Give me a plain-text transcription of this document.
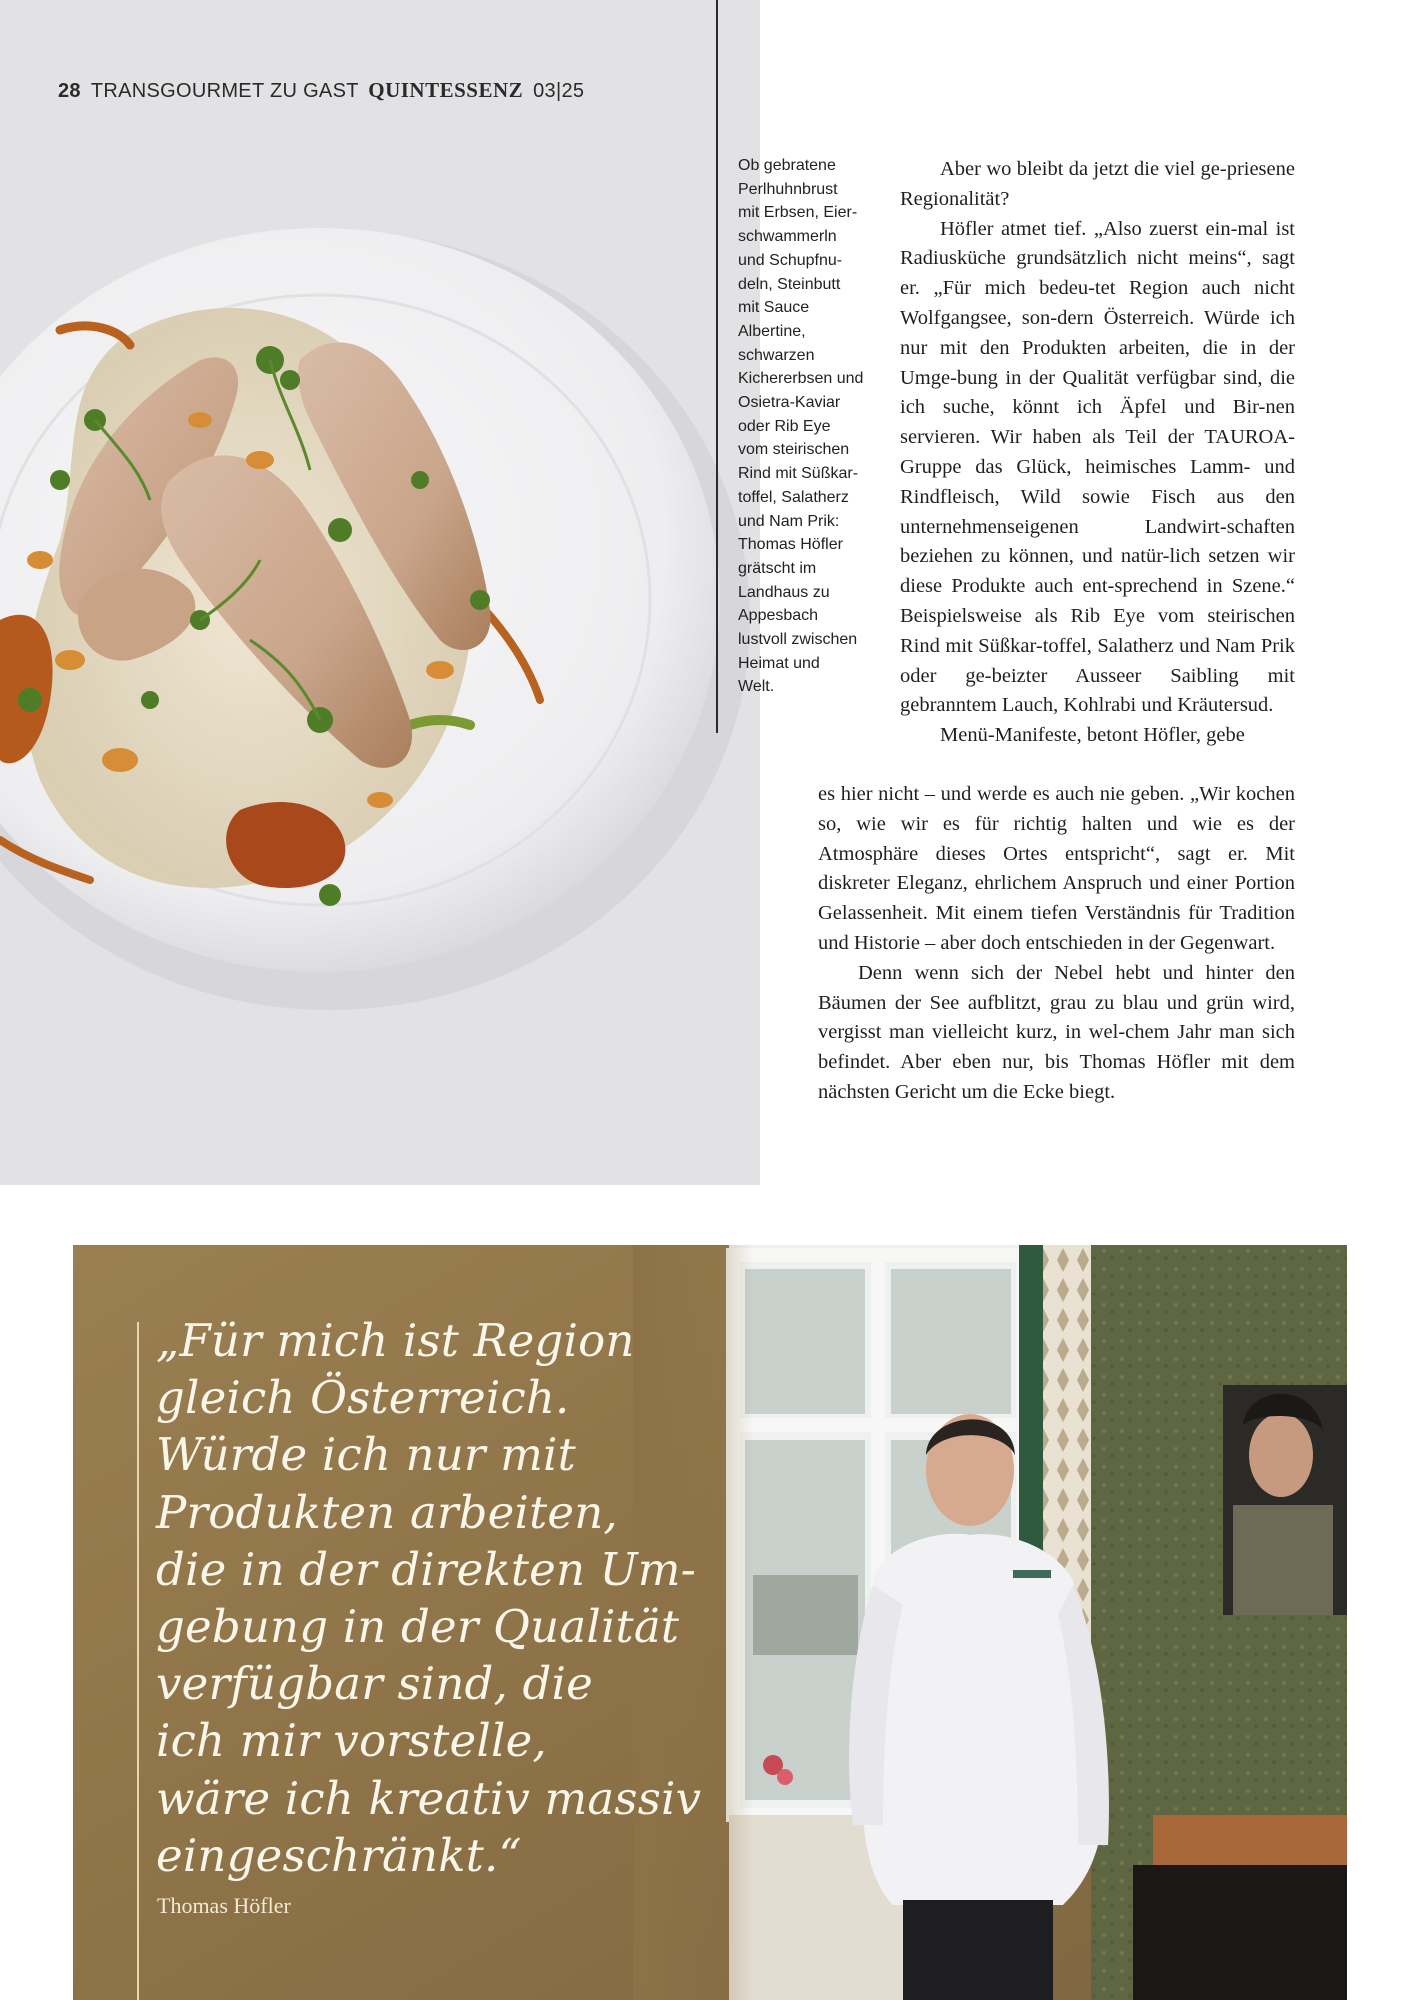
28 TRANSGOURMET ZU GAST QUINTESSENZ 03|25
Ob gebratene
Perlhuhnbrust
mit Erbsen, Eier-
schwammerln
und Schupfnu-
deln, Steinbutt
mit Sauce
Albertine,
schwarzen
Kichererbsen und
Osietra-Kaviar
oder Rib Eye
vom steirischen
Rind mit Süßkar-
toffel, Salatherz
und Nam Prik:
Thomas Höfler
grätscht im
Landhaus zu
Appesbach
lustvoll zwischen
Heimat und
Welt.

Aber wo bleibt da jetzt die viel ge-priesene Regionalität?

Höfler atmet tief. „Also zuerst ein-mal ist Radiusküche grundsätzlich nicht meins“, sagt er. „Für mich bedeu-tet Region auch nicht Wolfgangsee, son-dern Österreich. Würde ich nur mit den Produkten arbeiten, die in der Umge-bung in der Qualität verfügbar sind, die ich suche, könnt ich Äpfel und Bir-nen servieren. Wir haben als Teil der TAUROA-Gruppe das Glück, heimisches Lamm- und Rindfleisch, Wild sowie Fisch aus den unternehmenseigenen Landwirt-schaften beziehen zu können, und natür-lich setzen wir diese Produkte auch ent-sprechend in Szene.“ Beispielsweise als Rib Eye vom steirischen Rind mit Süßkar-toffel, Salatherz und Nam Prik oder ge-beizter Ausseer Saibling mit gebranntem Lauch, Kohlrabi und Kräutersud.

Menü-Manifeste, betont Höfler, gebe

es hier nicht – und werde es auch nie geben. „Wir kochen so, wie wir es für richtig halten und wie es der Atmosphäre dieses Ortes entspricht“, sagt er. Mit diskreter Eleganz, ehrlichem Anspruch und einer Portion Gelassenheit. Mit einem tiefen Verständnis für Tradition und Historie – aber doch entschieden in der Gegenwart.

Denn wenn sich der Nebel hebt und hinter den Bäumen der See aufblitzt, grau zu blau und grün wird, vergisst man vielleicht kurz, in wel-chem Jahr man sich befindet. Aber eben nur, bis Thomas Höfler mit dem nächsten Gericht um die Ecke biegt.

„Für mich ist Region
gleich Österreich.
Würde ich nur mit
Produkten arbeiten,
die in der direkten Um-
gebung in der Qualität
verfügbar sind, die
ich mir vorstelle,
wäre ich kreativ massiv
eingeschränkt.“
Thomas Höfler
